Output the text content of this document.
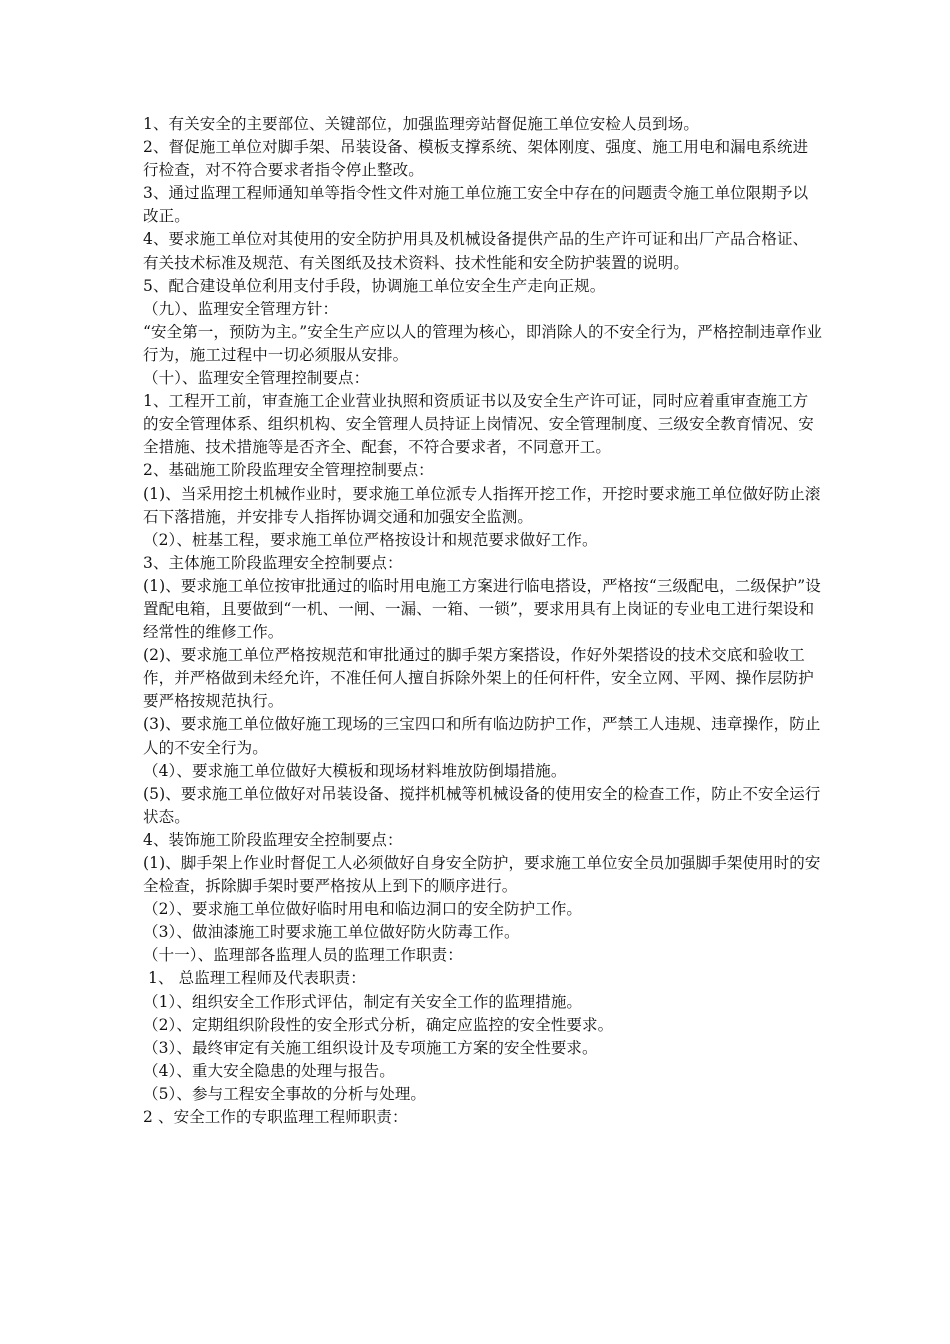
1、有关安全的主要部位、关键部位，加强监理旁站督促施工单位安检人员到场。

2、督促施工单位对脚手架、吊装设备、模板支撑系统、架体刚度、强度、施工用电和漏电系统进行检查，对不符合要求者指令停止整改。

3、通过监理工程师通知单等指令性文件对施工单位施工安全中存在的问题责令施工单位限期予以改正。

4、要求施工单位对其使用的安全防护用具及机械设备提供产品的生产许可证和出厂产品合格证、有关技术标准及规范、有关图纸及技术资料、技术性能和安全防护装置的说明。

5、配合建设单位利用支付手段，协调施工单位安全生产走向正规。

（九）、监理安全管理方针：

“安全第一，预防为主。”安全生产应以人的管理为核心，即消除人的不安全行为，严格控制违章作业行为，施工过程中一切必须服从安排。

（十）、监理安全管理控制要点：

1、工程开工前，审查施工企业营业执照和资质证书以及安全生产许可证，同时应着重审查施工方的安全管理体系、组织机构、安全管理人员持证上岗情况、安全管理制度、三级安全教育情况、安全措施、技术措施等是否齐全、配套，不符合要求者，不同意开工。

2、基础施工阶段监理安全管理控制要点：

(1)、当采用挖土机械作业时，要求施工单位派专人指挥开挖工作，开挖时要求施工单位做好防止滚石下落措施，并安排专人指挥协调交通和加强安全监测。

（2）、桩基工程，要求施工单位严格按设计和规范要求做好工作。

3、主体施工阶段监理安全控制要点：

(1)、要求施工单位按审批通过的临时用电施工方案进行临电搭设，严格按“三级配电，二级保护”设置配电箱，且要做到“一机、一闸、一漏、一箱、一锁”，要求用具有上岗证的专业电工进行架设和经常性的维修工作。

(2)、要求施工单位严格按规范和审批通过的脚手架方案搭设，作好外架搭设的技术交底和验收工作，并严格做到未经允许，不准任何人擅自拆除外架上的任何杆件，安全立网、平网、操作层防护要严格按规范执行。

(3)、要求施工单位做好施工现场的三宝四口和所有临边防护工作，严禁工人违规、违章操作，防止人的不安全行为。

（4）、要求施工单位做好大模板和现场材料堆放防倒塌措施。

(5)、要求施工单位做好对吊装设备、搅拌机械等机械设备的使用安全的检查工作，防止不安全运行状态。

4、装饰施工阶段监理安全控制要点：

(1)、脚手架上作业时督促工人必须做好自身安全防护，要求施工单位安全员加强脚手架使用时的安全检查，拆除脚手架时要严格按从上到下的顺序进行。

（2）、要求施工单位做好临时用电和临边洞口的安全防护工作。

（3）、做油漆施工时要求施工单位做好防火防毒工作。

（十一）、监理部各监理人员的监理工作职责：

1、 总监理工程师及代表职责：

（1）、组织安全工作形式评估，制定有关安全工作的监理措施。

（2）、定期组织阶段性的安全形式分析，确定应监控的安全性要求。

（3）、最终审定有关施工组织设计及专项施工方案的安全性要求。

（4）、重大安全隐患的处理与报告。

（5）、参与工程安全事故的分析与处理。

2 、安全工作的专职监理工程师职责：
